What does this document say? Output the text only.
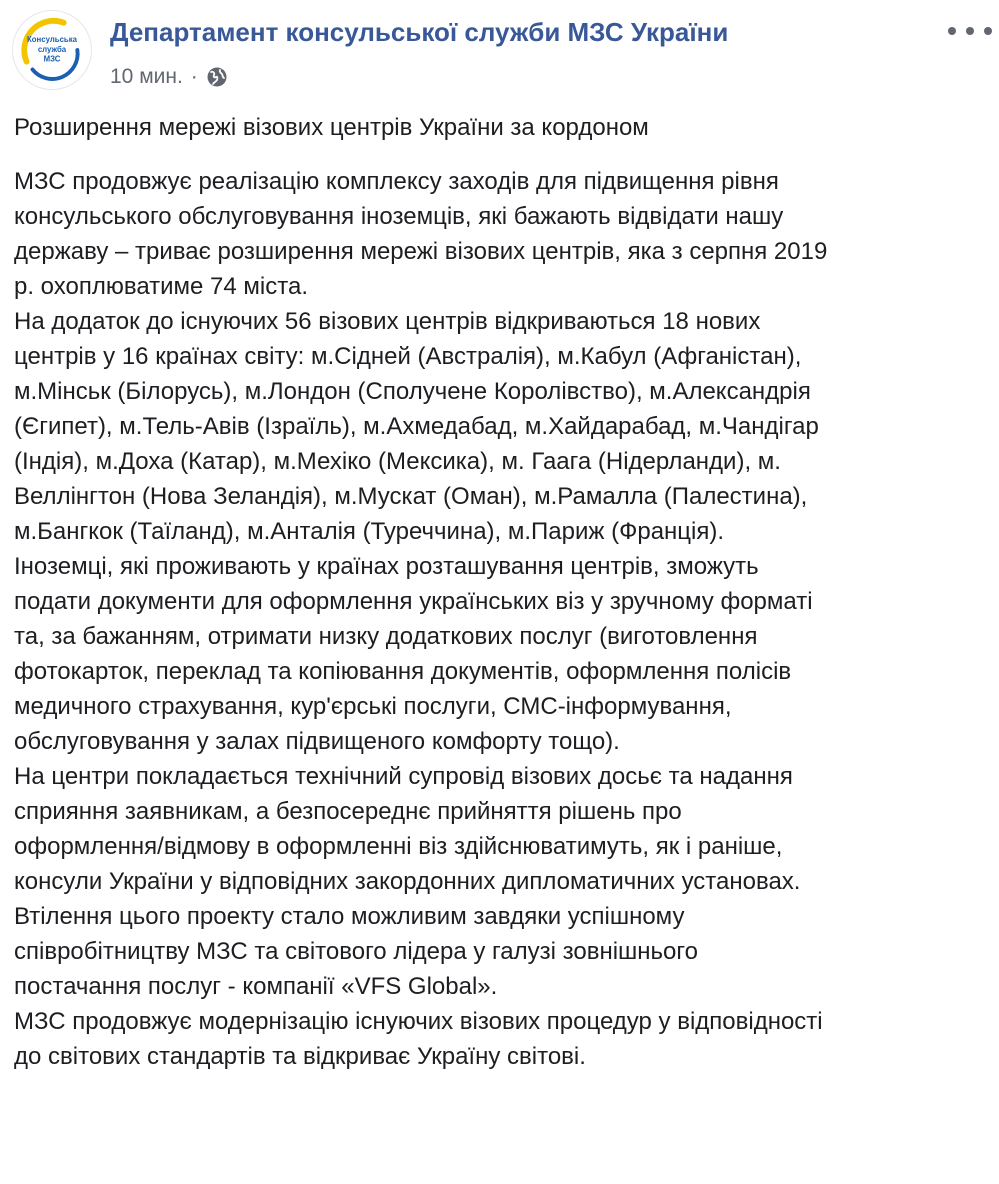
Консульська
служба
МЗС
Департамент консульської служби МЗС України
10 мин. ·
Розширення мережі візових центрів України за кордоном
МЗС продовжує реалізацію комплексу заходів для підвищення рівня
консульського обслуговування іноземців, які бажають відвідати нашу
державу – триває розширення мережі візових центрів, яка з серпня 2019
р. охоплюватиме 74 міста.
На додаток до існуючих 56 візових центрів відкриваються 18 нових
центрів у 16 країнах світу: м.Сідней (Австралія), м.Кабул (Афганістан),
м.Мінськ (Білорусь), м.Лондон (Сполучене Королівство), м.Александрія
(Єгипет), м.Тель-Авів (Ізраїль), м.Ахмедабад, м.Хайдарабад, м.Чандігар
(Індія), м.Доха (Катар), м.Мехіко (Мексика), м. Гаага (Нідерланди), м.
Веллінгтон (Нова Зеландія), м.Мускат (Оман), м.Рамалла (Палестина),
м.Бангкок (Таїланд), м.Анталія (Туреччина), м.Париж (Франція).
Іноземці, які проживають у країнах розташування центрів, зможуть
подати документи для оформлення українських віз у зручному форматі
та, за бажанням, отримати низку додаткових послуг (виготовлення
фотокарток, переклад та копіювання документів, оформлення полісів
медичного страхування, кур'єрські послуги, СМС-інформування,
обслуговування у залах підвищеного комфорту тощо).
На центри покладається технічний супровід візових досьє та надання
сприяння заявникам, а безпосереднє прийняття рішень про
оформлення/відмову в оформленні віз здійснюватимуть, як і раніше,
консули України у відповідних закордонних дипломатичних установах.
Втілення цього проекту стало можливим завдяки успішному
співробітництву МЗС та світового лідера у галузі зовнішнього
постачання послуг - компанії «VFS Global».
МЗС продовжує модернізацію існуючих візових процедур у відповідності
до світових стандартів та відкриває Україну світові.
